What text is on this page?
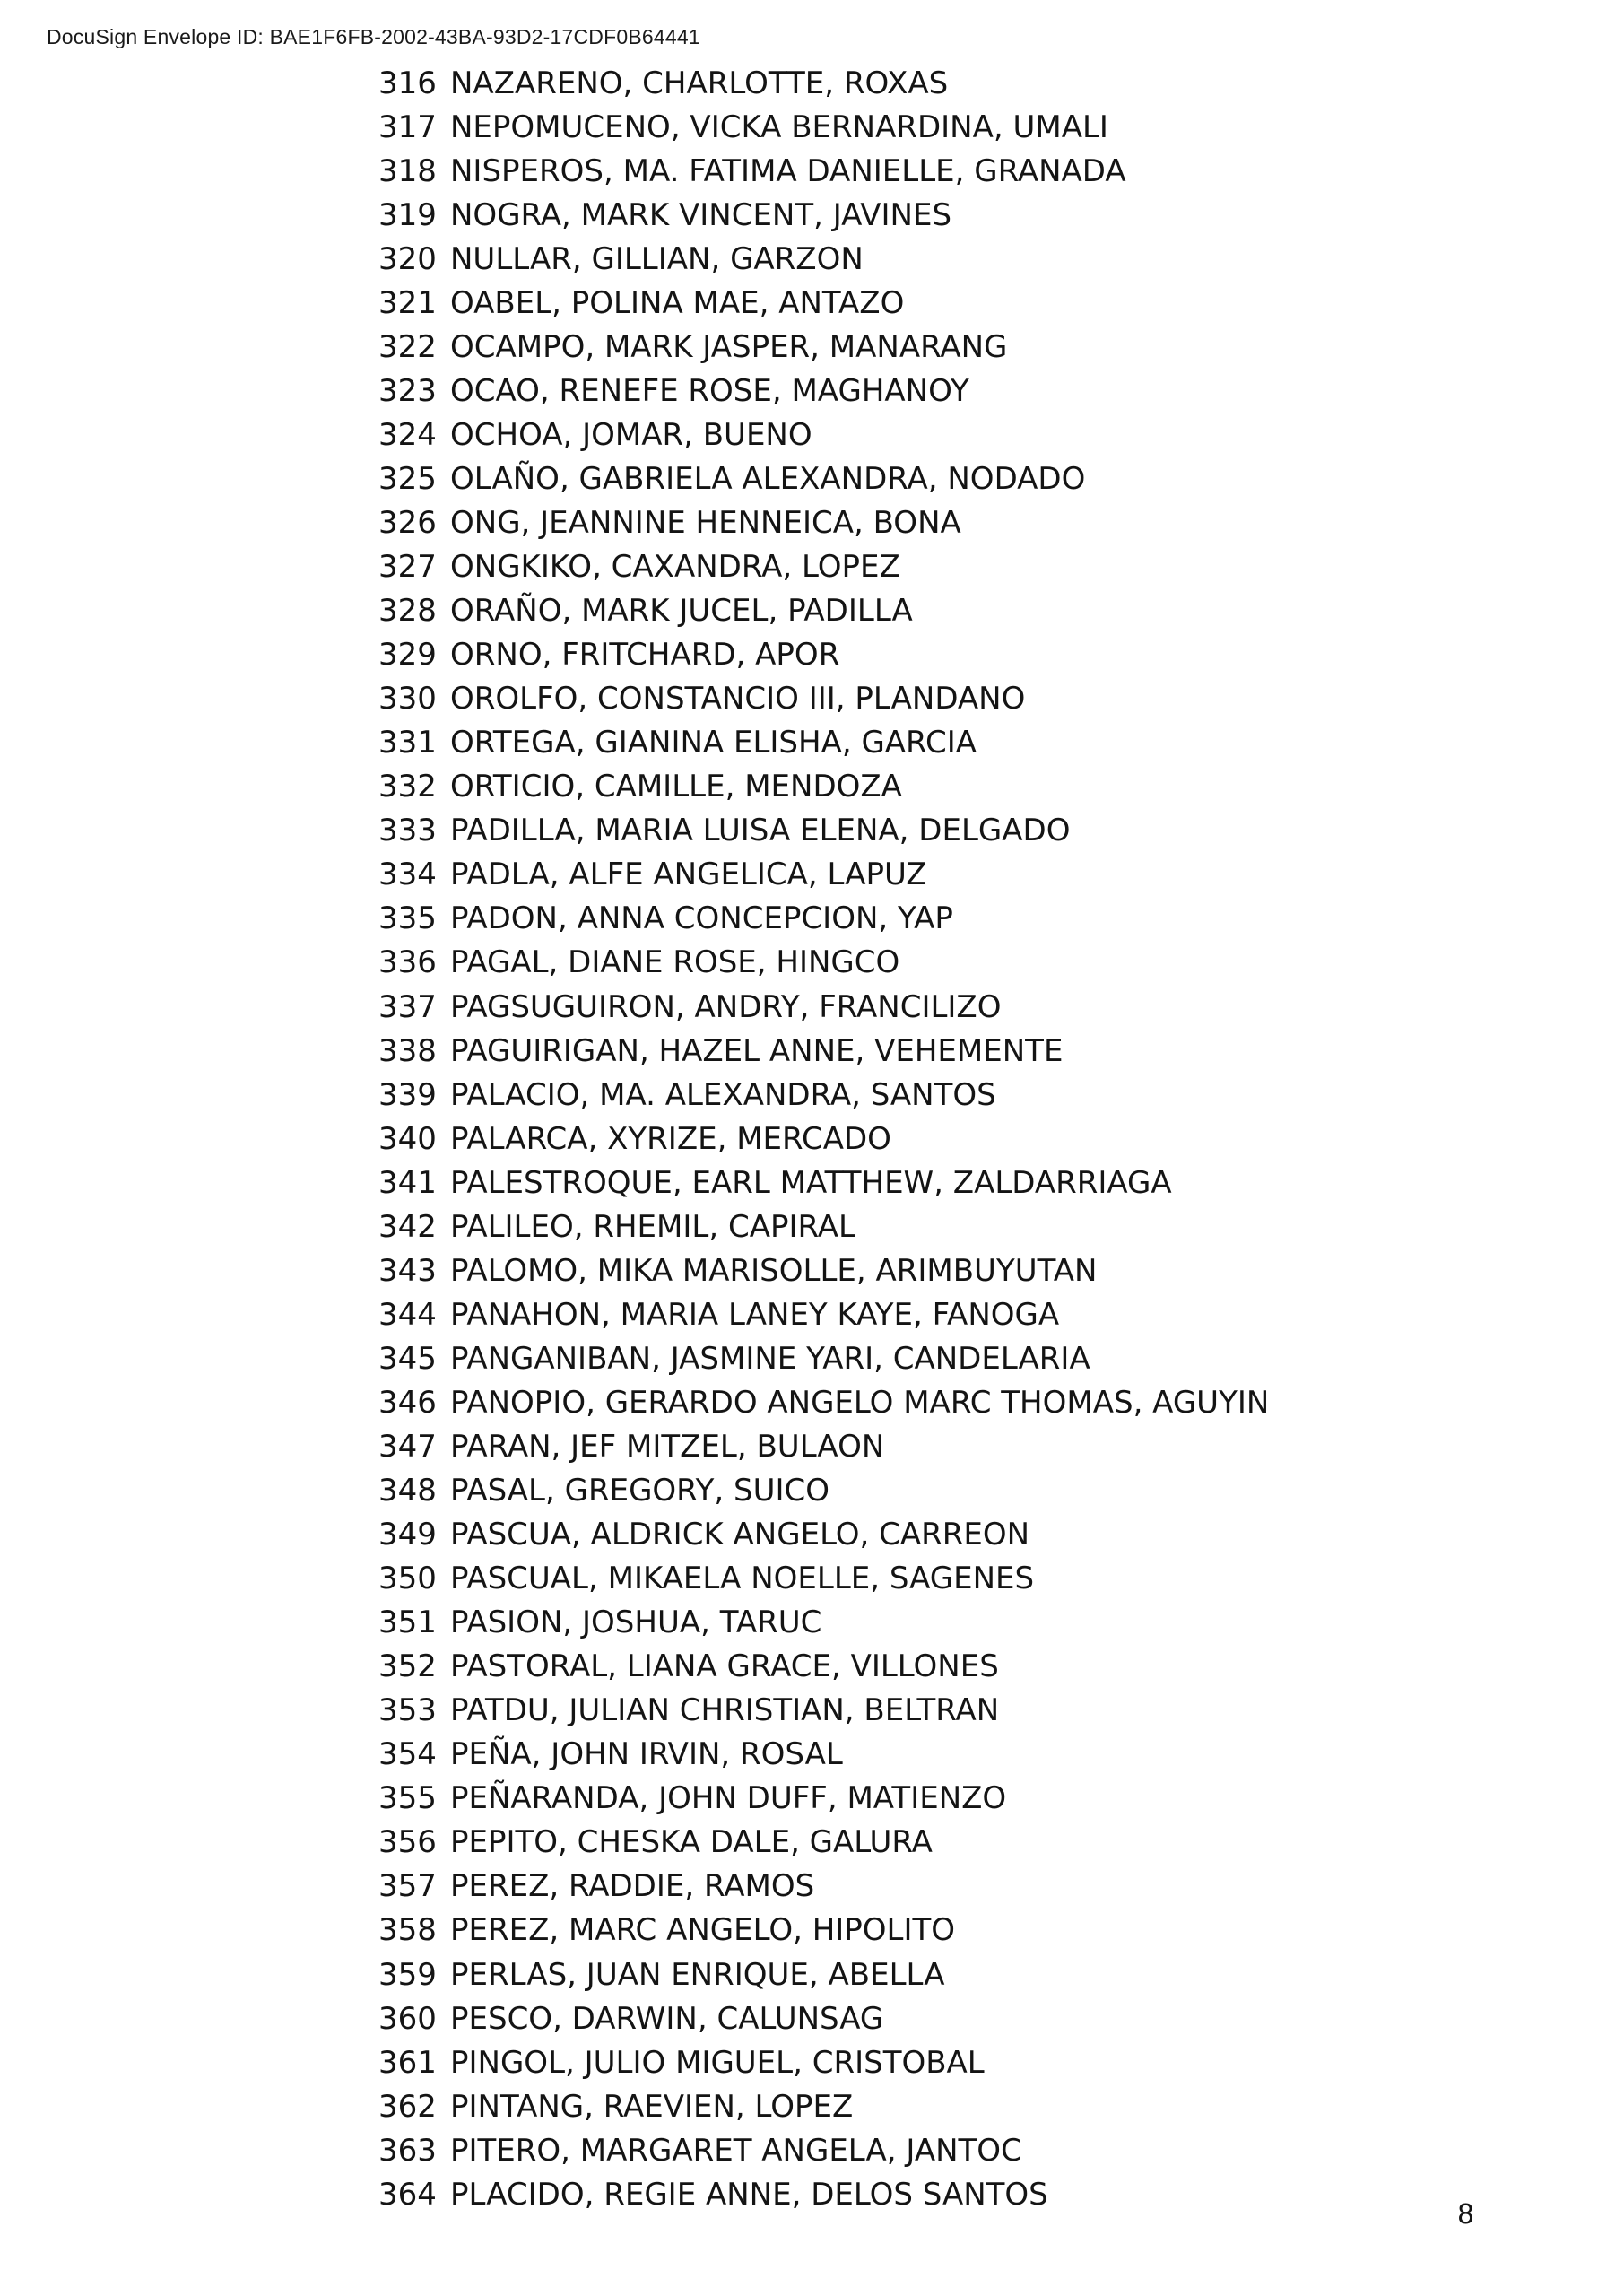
DocuSign Envelope ID: BAE1F6FB-2002-43BA-93D2-17CDF0B64441
316 NAZARENO, CHARLOTTE, ROXAS
317 NEPOMUCENO, VICKA BERNARDINA, UMALI
318 NISPEROS, MA. FATIMA DANIELLE, GRANADA
319 NOGRA, MARK VINCENT, JAVINES
320 NULLAR, GILLIAN, GARZON
321 OABEL, POLINA MAE, ANTAZO
322 OCAMPO, MARK JASPER, MANARANG
323 OCAO, RENEFE ROSE, MAGHANOY
324 OCHOA, JOMAR, BUENO
325 OLAÑO, GABRIELA ALEXANDRA, NODADO
326 ONG, JEANNINE HENNEICA, BONA
327 ONGKIKO, CAXANDRA, LOPEZ
328 ORAÑO, MARK JUCEL, PADILLA
329 ORNO, FRITCHARD, APOR
330 OROLFO, CONSTANCIO III, PLANDANO
331 ORTEGA, GIANINA ELISHA, GARCIA
332 ORTICIO, CAMILLE, MENDOZA
333 PADILLA, MARIA LUISA ELENA, DELGADO
334 PADLA, ALFE ANGELICA, LAPUZ
335 PADON, ANNA CONCEPCION, YAP
336 PAGAL, DIANE ROSE, HINGCO
337 PAGSUGUIRON, ANDRY, FRANCILIZO
338 PAGUIRIGAN, HAZEL ANNE, VEHEMENTE
339 PALACIO, MA. ALEXANDRA, SANTOS
340 PALARCA, XYRIZE, MERCADO
341 PALESTROQUE, EARL MATTHEW, ZALDARRIAGA
342 PALILEO, RHEMIL, CAPIRAL
343 PALOMO, MIKA MARISOLLE, ARIMBUYUTAN
344 PANAHON, MARIA LANEY KAYE, FANOGA
345 PANGANIBAN, JASMINE YARI, CANDELARIA
346 PANOPIO, GERARDO ANGELO MARC THOMAS, AGUYIN
347 PARAN, JEF MITZEL, BULAON
348 PASAL, GREGORY, SUICO
349 PASCUA, ALDRICK ANGELO, CARREON
350 PASCUAL, MIKAELA NOELLE, SAGENES
351 PASION, JOSHUA, TARUC
352 PASTORAL, LIANA GRACE, VILLONES
353 PATDU, JULIAN CHRISTIAN, BELTRAN
354 PEÑA, JOHN IRVIN, ROSAL
355 PEÑARANDA, JOHN DUFF, MATIENZO
356 PEPITO, CHESKA DALE, GALURA
357 PEREZ, RADDIE, RAMOS
358 PEREZ, MARC ANGELO, HIPOLITO
359 PERLAS, JUAN ENRIQUE, ABELLA
360 PESCO, DARWIN, CALUNSAG
361 PINGOL, JULIO MIGUEL, CRISTOBAL
362 PINTANG, RAEVIEN, LOPEZ
363 PITERO, MARGARET ANGELA, JANTOC
364 PLACIDO, REGIE ANNE, DELOS SANTOS
8
